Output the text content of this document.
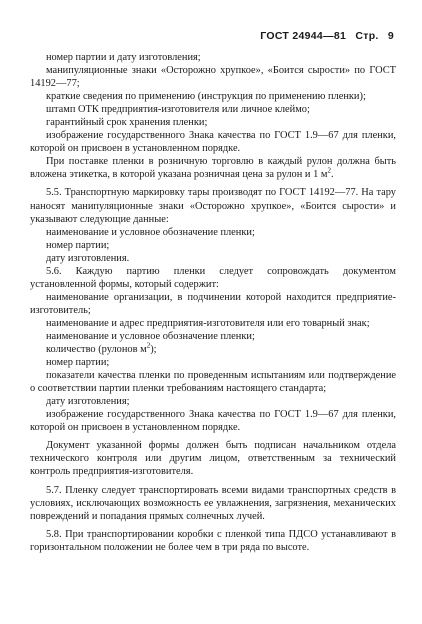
ГОСТ 24944—81 Стр. 9

номер партии и дату изготовления;

манипуляционные знаки «Осторожно хрупкое», «Боится сырости» по ГОСТ 14192—77;

краткие сведения по применению (инструкция по применению пленки);

штамп ОТК предприятия-изготовителя или личное клеймо;

гарантийный срок хранения пленки;

изображение государственного Знака качества по ГОСТ 1.9—67 для пленки, которой он присвоен в установленном порядке.

При поставке пленки в розничную торговлю в каждый рулон должна быть вложена этикетка, в которой указана розничная цена за рулон и 1 $м^2$.

5.5. Транспортную маркировку тары производят по ГОСТ 14192—77. На тару наносят манипуляционные знаки «Осторожно хрупкое», «Боится сырости» и указывают следующие данные:

наименование и условное обозначение пленки;

номер партии;

дату изготовления.

5.6. Каждую партию пленки следует сопровождать документом установленной формы, который содержит:

наименование организации, в подчинении которой находится предприятие-изготовитель;

наименование и адрес предприятия-изготовителя или его товарный знак;

наименование и условное обозначение пленки;

количество (рулонов $м^2$);

номер партии;

показатели качества пленки по проведенным испытаниям или подтверждение о соответствии партии пленки требованиям настоящего стандарта;

дату изготовления;

изображение государственного Знака качества по ГОСТ 1.9—67 для пленки, которой он присвоен в установленном порядке.

Документ указанной формы должен быть подписан начальником отдела технического контроля или другим лицом, ответственным за технический контроль предприятия-изготовителя.

5.7. Пленку следует транспортировать всеми видами транспортных средств в условиях, исключающих возможность ее увлажнения, загрязнения, механических повреждений и попадания прямых солнечных лучей.

5.8. При транспортировании коробки с пленкой типа ПДСО устанавливают в горизонтальном положении не более чем в три ряда по высоте.
